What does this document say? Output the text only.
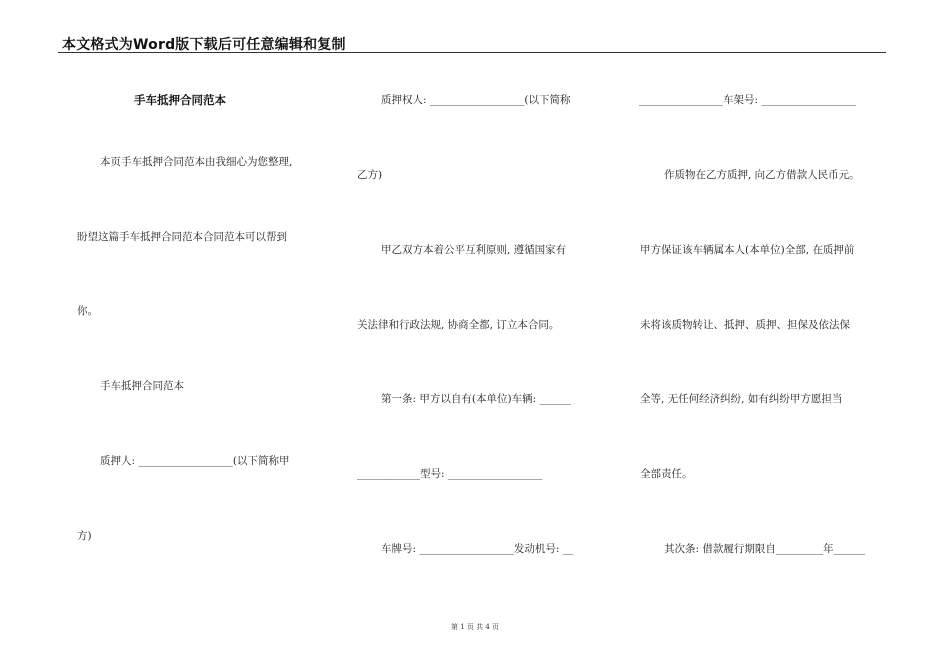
本文格式为Word版下载后可任意编辑和复制
手车抵押合同范本
本页手车抵押合同范本由我细心为您整理,
盼望这篇手车抵押合同范本合同范本可以帮到
你。
手车抵押合同范本
质押人: __________________(以下简称甲
方)
质押权人: __________________(以下简称
乙方)
甲乙双方本着公平互利原则, 遵循国家有
关法律和行政法规, 协商全都, 订立本合同。
第一条: 甲方以自有(本单位)车辆: ______
____________型号: __________________
车牌号: __________________发动机号: __
________________车架号: __________________
作质物在乙方质押, 向乙方借款人民币元。
甲方保证该车辆属本人(本单位)全部, 在质押前
未将该质物转让、抵押、质押、担保及依法保
全等, 无任何经济纠纷, 如有纠纷甲方愿担当
全部责任。
其次条: 借款履行期限自_________年______
第 1 页 共 4 页
